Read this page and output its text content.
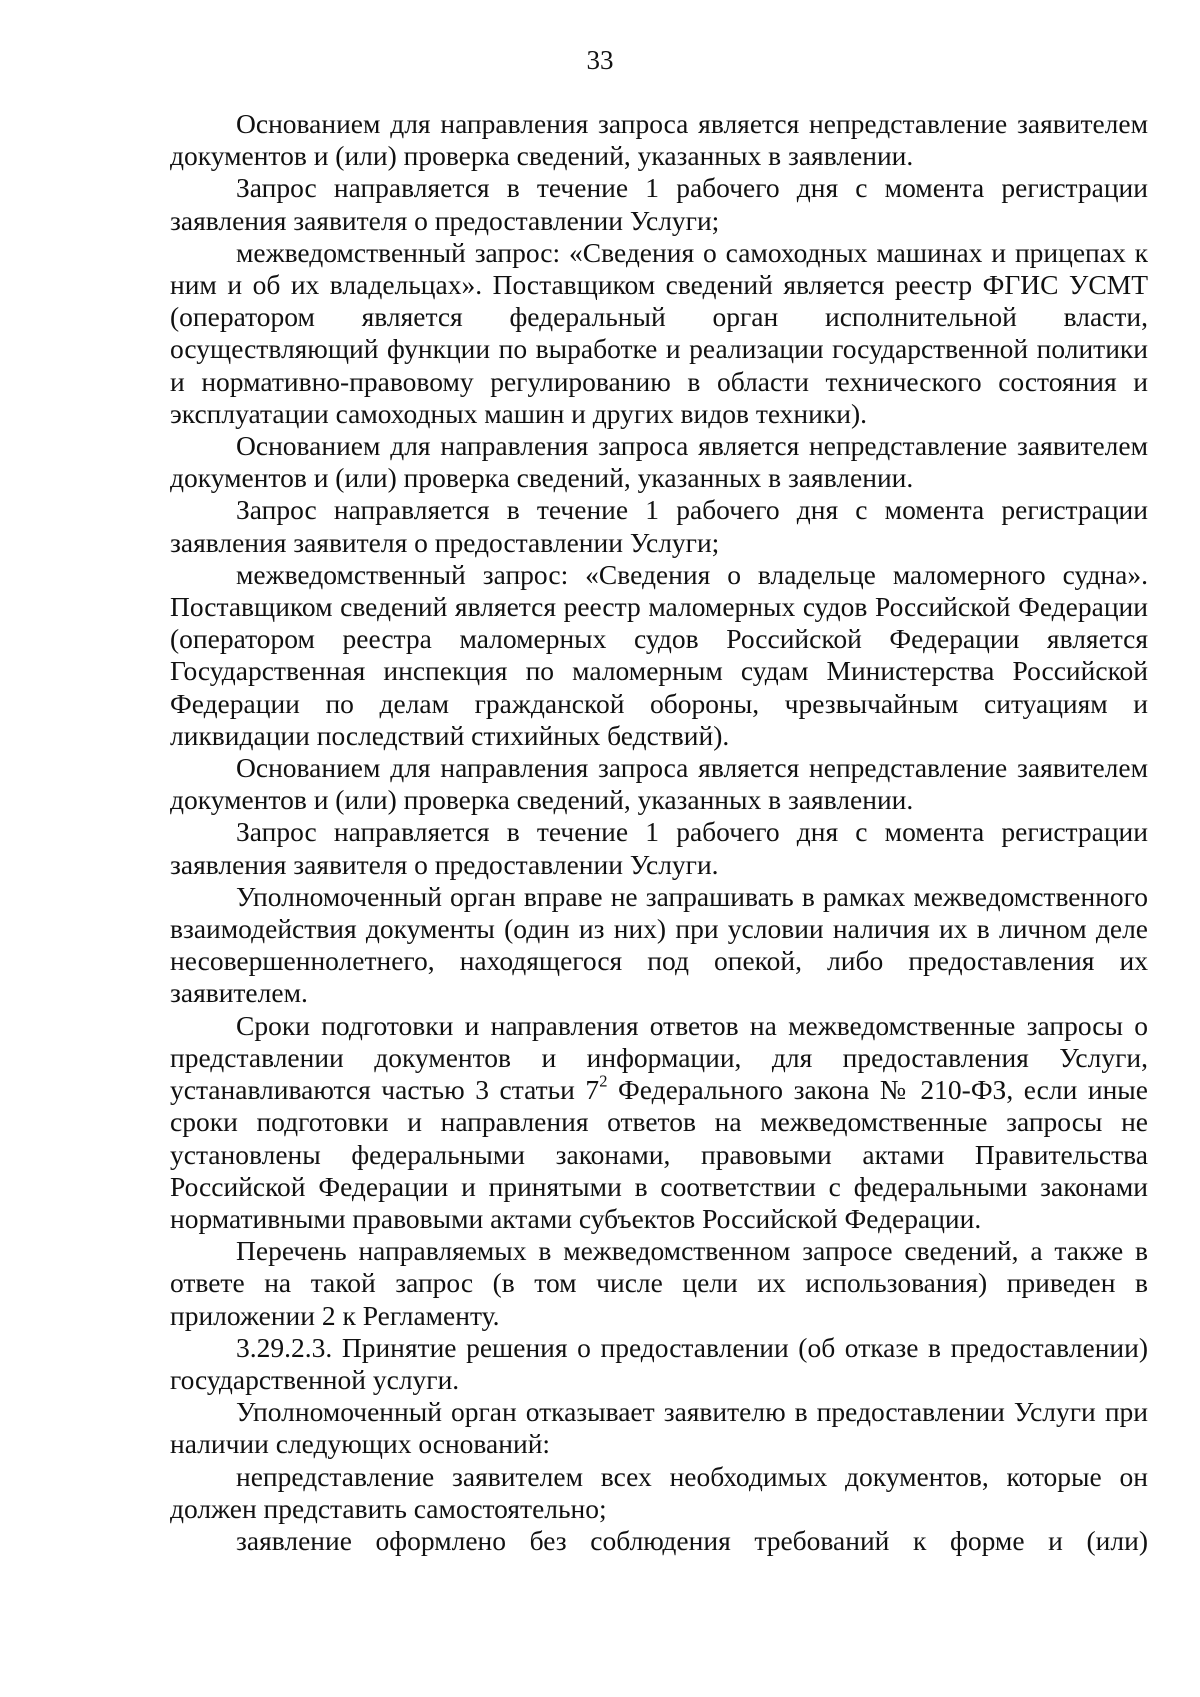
33

Основанием для направления запроса является непредставление заявителем документов и (или) проверка сведений, указанных в заявлении.

Запрос направляется в течение 1 рабочего дня с момента регистрации заявления заявителя о предоставлении Услуги;

межведомственный запрос: «Сведения о самоходных машинах и прицепах к ним и об их владельцах». Поставщиком сведений является реестр ФГИС УСМТ (оператором является федеральный орган исполнительной власти, осуществляющий функции по выработке и реализации государственной политики и нормативно-правовому регулированию в области технического состояния и эксплуатации самоходных машин и других видов техники).

Основанием для направления запроса является непредставление заявителем документов и (или) проверка сведений, указанных в заявлении.

Запрос направляется в течение 1 рабочего дня с момента регистрации заявления заявителя о предоставлении Услуги;

межведомственный запрос: «Сведения о владельце маломерного судна». Поставщиком сведений является реестр маломерных судов Российской Федерации (оператором реестра маломерных судов Российской Федерации является Государственная инспекция по маломерным судам Министерства Российской Федерации по делам гражданской обороны, чрезвычайным ситуациям и ликвидации последствий стихийных бедствий).

Основанием для направления запроса является непредставление заявителем документов и (или) проверка сведений, указанных в заявлении.

Запрос направляется в течение 1 рабочего дня с момента регистрации заявления заявителя о предоставлении Услуги.

Уполномоченный орган вправе не запрашивать в рамках межведомственного взаимодействия документы (один из них) при условии наличия их в личном деле несовершеннолетнего, находящегося под опекой, либо предоставления их заявителем.

Сроки подготовки и направления ответов на межведомственные запросы о представлении документов и информации, для предоставления Услуги, устанавливаются частью 3 статьи $7^2$ Федерального закона № 210-ФЗ, если иные сроки подготовки и направления ответов на межведомственные запросы не установлены федеральными законами, правовыми актами Правительства Российской Федерации и принятыми в соответствии с федеральными законами нормативными правовыми актами субъектов Российской Федерации.

Перечень направляемых в межведомственном запросе сведений, а также в ответе на такой запрос (в том числе цели их использования) приведен в приложении 2 к Регламенту.

3.29.2.3. Принятие решения о предоставлении (об отказе в предоставлении) государственной услуги.

Уполномоченный орган отказывает заявителю в предоставлении Услуги при наличии следующих оснований:

непредставление заявителем всех необходимых документов, которые он должен представить самостоятельно;

заявление оформлено без соблюдения требований к форме и (или)
